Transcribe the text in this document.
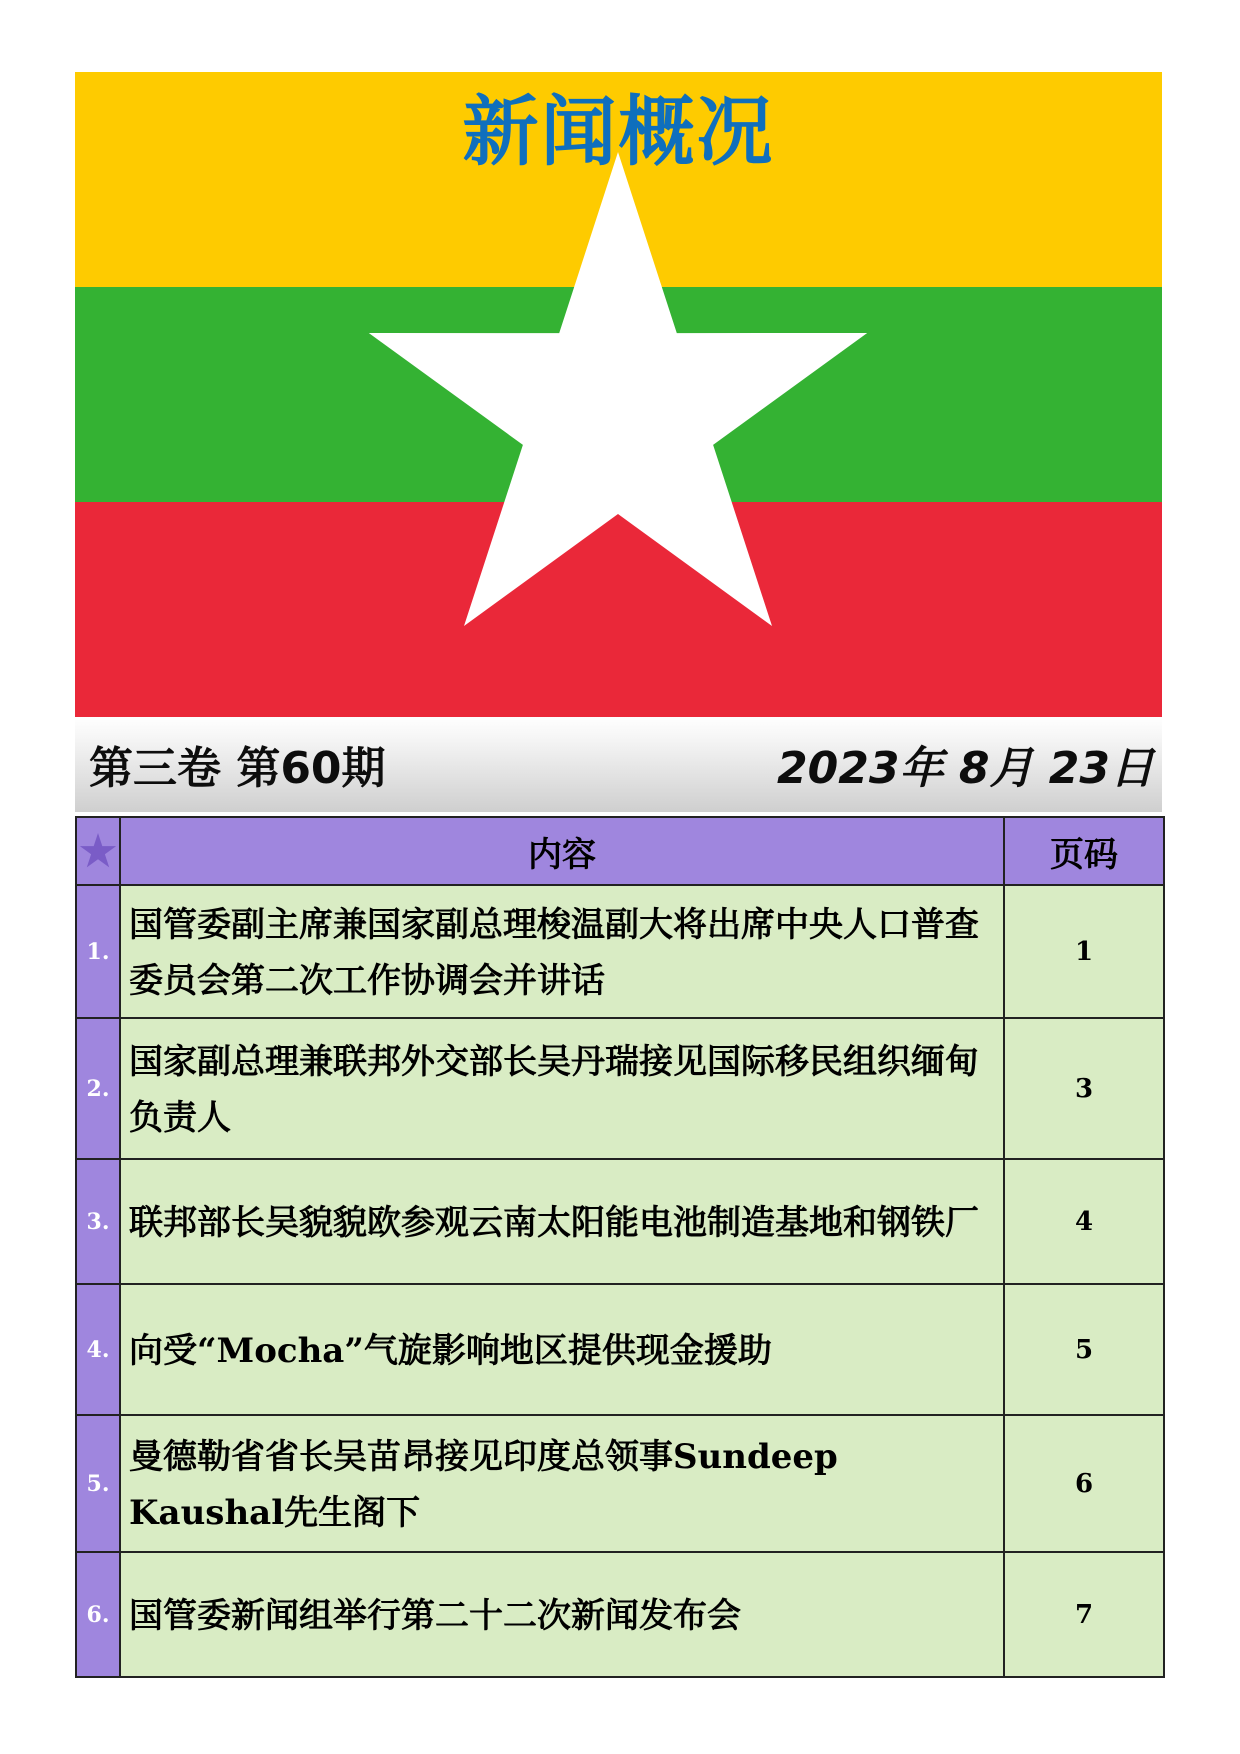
新闻概况
第三卷 第60期	2023年 8月 23日
	内容	页码
1.	国管委副主席兼国家副总理梭温副大将出席中央人口普查委员会第二次工作协调会并讲话	1
2.	国家副总理兼联邦外交部长吴丹瑞接见国际移民组织缅甸负责人	3
3.	联邦部长吴貌貌欧参观云南太阳能电池制造基地和钢铁厂	4
4.	向受“Mocha”气旋影响地区提供现金援助	5
5.	曼德勒省省长吴苗昂接见印度总领事Sundeep Kaushal先生阁下	6
6.	国管委新闻组举行第二十二次新闻发布会	7
